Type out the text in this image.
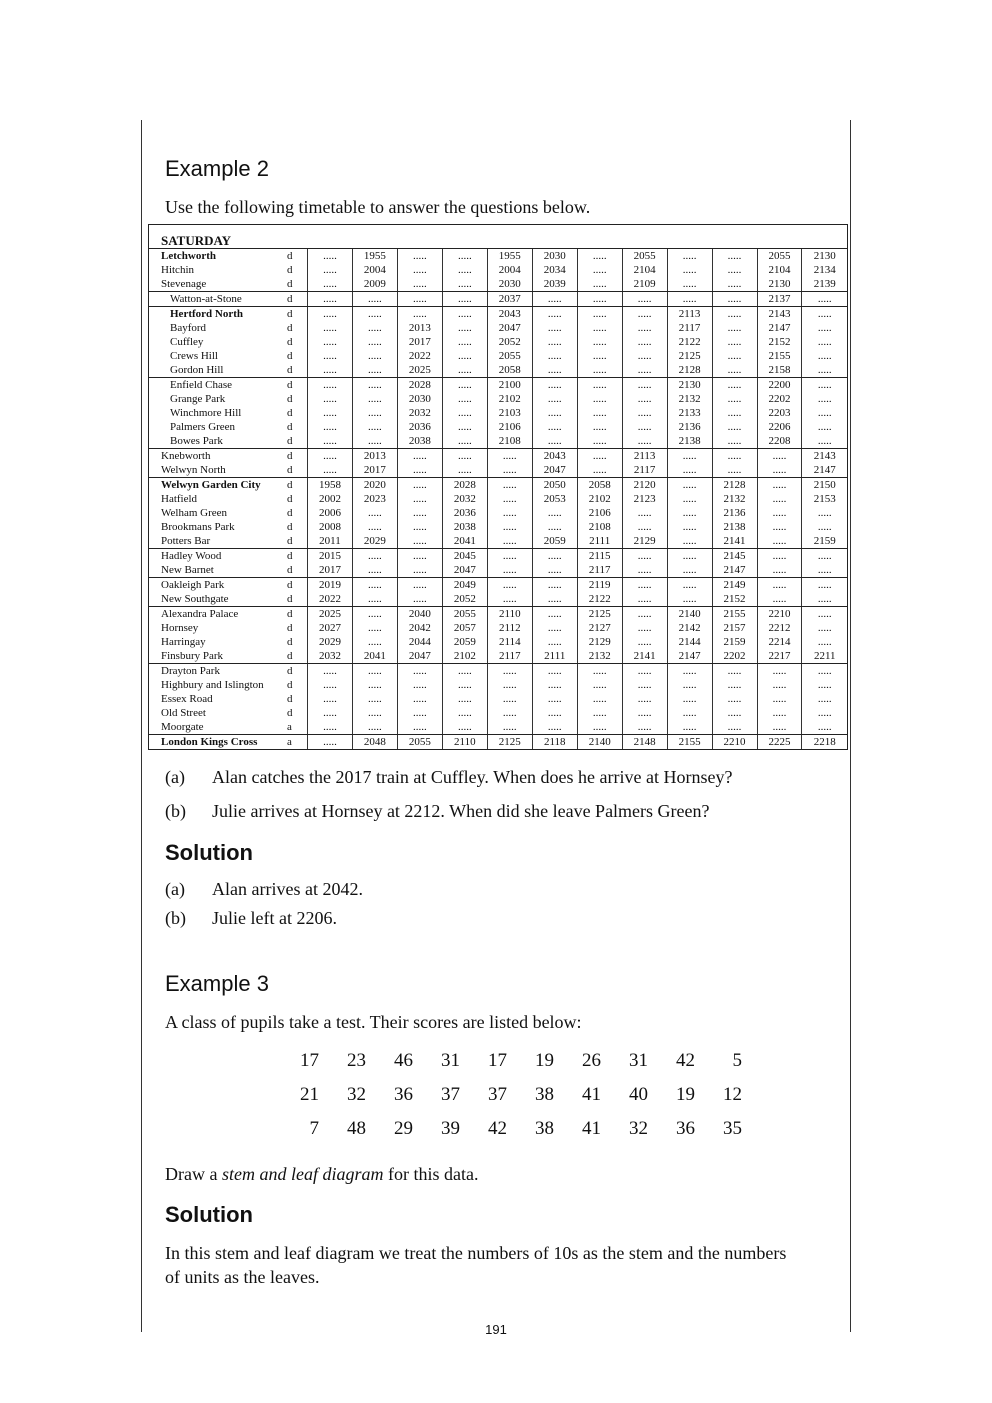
Example 2
Use the following timetable to answer the questions below.
SATURDAY
Letchworth	d	.....	1955	.....	.....	1955	2030	.....	2055	.....	.....	2055	2130
Hitchin	d	.....	2004	.....	.....	2004	2034	.....	2104	.....	.....	2104	2134
Stevenage	d	.....	2009	.....	.....	2030	2039	.....	2109	.....	.....	2130	2139
Watton-at-Stone	d	.....	.....	.....	.....	2037	.....	.....	.....	.....	.....	2137	.....
Hertford North	d	.....	.....	.....	.....	2043	.....	.....	.....	2113	.....	2143	.....
Bayford	d	.....	.....	2013	.....	2047	.....	.....	.....	2117	.....	2147	.....
Cuffley	d	.....	.....	2017	.....	2052	.....	.....	.....	2122	.....	2152	.....
Crews Hill	d	.....	.....	2022	.....	2055	.....	.....	.....	2125	.....	2155	.....
Gordon Hill	d	.....	.....	2025	.....	2058	.....	.....	.....	2128	.....	2158	.....
Enfield Chase	d	.....	.....	2028	.....	2100	.....	.....	.....	2130	.....	2200	.....
Grange Park	d	.....	.....	2030	.....	2102	.....	.....	.....	2132	.....	2202	.....
Winchmore Hill	d	.....	.....	2032	.....	2103	.....	.....	.....	2133	.....	2203	.....
Palmers Green	d	.....	.....	2036	.....	2106	.....	.....	.....	2136	.....	2206	.....
Bowes Park	d	.....	.....	2038	.....	2108	.....	.....	.....	2138	.....	2208	.....
Knebworth	d	.....	2013	.....	.....	.....	2043	.....	2113	.....	.....	.....	2143
Welwyn North	d	.....	2017	.....	.....	.....	2047	.....	2117	.....	.....	.....	2147
Welwyn Garden City	d	1958	2020	.....	2028	.....	2050	2058	2120	.....	2128	.....	2150
Hatfield	d	2002	2023	.....	2032	.....	2053	2102	2123	.....	2132	.....	2153
Welham Green	d	2006	.....	.....	2036	.....	.....	2106	.....	.....	2136	.....	.....
Brookmans Park	d	2008	.....	.....	2038	.....	.....	2108	.....	.....	2138	.....	.....
Potters Bar	d	2011	2029	.....	2041	.....	2059	2111	2129	.....	2141	.....	2159
Hadley Wood	d	2015	.....	.....	2045	.....	.....	2115	.....	.....	2145	.....	.....
New Barnet	d	2017	.....	.....	2047	.....	.....	2117	.....	.....	2147	.....	.....
Oakleigh Park	d	2019	.....	.....	2049	.....	.....	2119	.....	.....	2149	.....	.....
New Southgate	d	2022	.....	.....	2052	.....	.....	2122	.....	.....	2152	.....	.....
Alexandra Palace	d	2025	.....	2040	2055	2110	.....	2125	.....	2140	2155	2210	.....
Hornsey	d	2027	.....	2042	2057	2112	.....	2127	.....	2142	2157	2212	.....
Harringay	d	2029	.....	2044	2059	2114	.....	2129	.....	2144	2159	2214	.....
Finsbury Park	d	2032	2041	2047	2102	2117	2111	2132	2141	2147	2202	2217	2211
Drayton Park	d	.....	.....	.....	.....	.....	.....	.....	.....	.....	.....	.....	.....
Highbury and Islington	d	.....	.....	.....	.....	.....	.....	.....	.....	.....	.....	.....	.....
Essex Road	d	.....	.....	.....	.....	.....	.....	.....	.....	.....	.....	.....	.....
Old Street	d	.....	.....	.....	.....	.....	.....	.....	.....	.....	.....	.....	.....
Moorgate	a	.....	.....	.....	.....	.....	.....	.....	.....	.....	.....	.....	.....
London Kings Cross	a	.....	2048	2055	2110	2125	2118	2140	2148	2155	2210	2225	2218
(a) Alan catches the 2017 train at Cuffley. When does he arrive at Hornsey?
(b) Julie arrives at Hornsey at 2212. When did she leave Palmers Green?
Solution
(a) Alan arrives at 2042.
(b) Julie left at 2206.
Example 3
A class of pupils take a test. Their scores are listed below:
17 23 46 31 17 19 26 31 42 5
21 32 36 37 37 38 41 40 19 12
7 48 29 39 42 38 41 32 36 35
Draw a stem and leaf diagram for this data.
Solution
In this stem and leaf diagram we treat the numbers of 10s as the stem and the numbers of units as the leaves.
191
